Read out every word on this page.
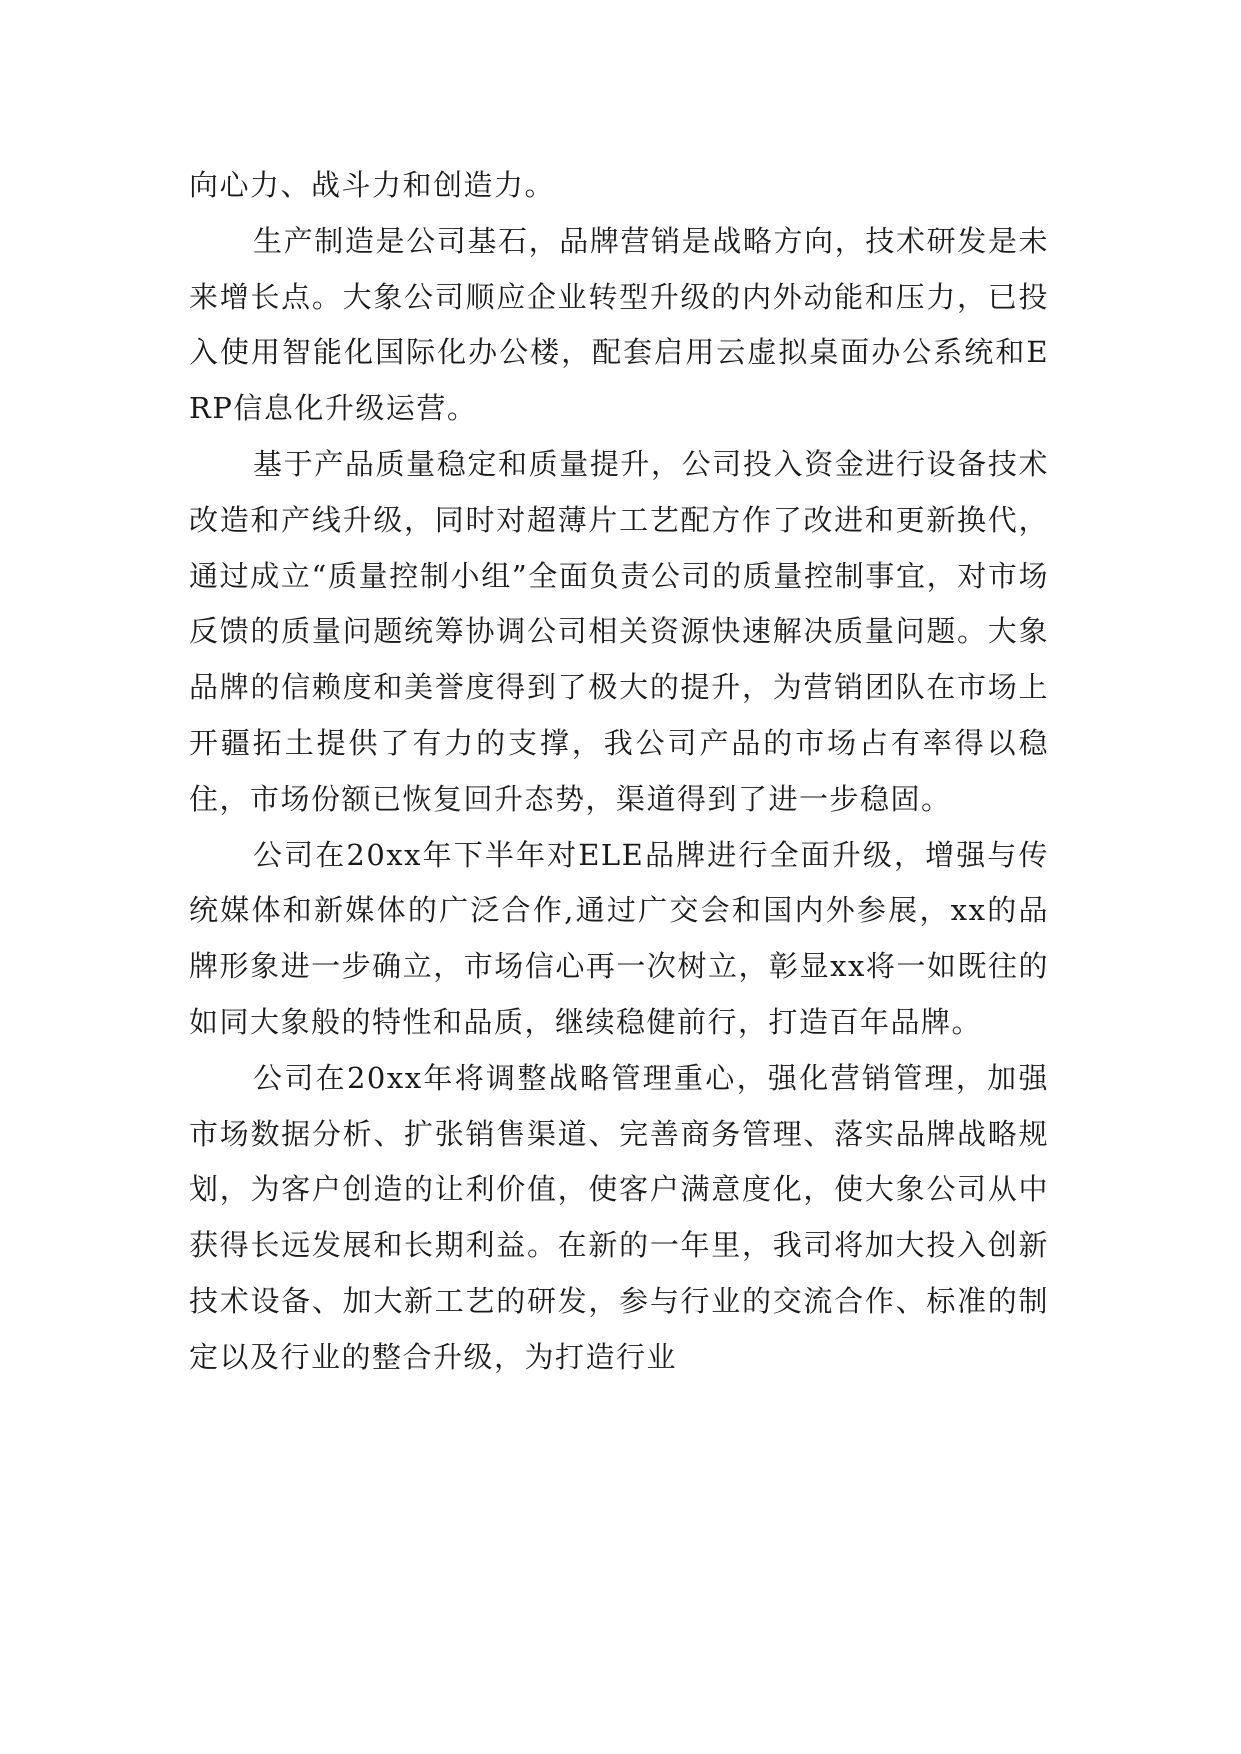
向心力、战斗力和创造力。

生产制造是公司基石，品牌营销是战略方向，技术研发是未来增长点。大象公司顺应企业转型升级的内外动能和压力，已投入使用智能化国际化办公楼，配套启用云虚拟桌面办公系统和ERP信息化升级运营。

基于产品质量稳定和质量提升，公司投入资金进行设备技术改造和产线升级，同时对超薄片工艺配方作了改进和更新换代，通过成立“质量控制小组”全面负责公司的质量控制事宜，对市场反馈的质量问题统筹协调公司相关资源快速解决质量问题。大象品牌的信赖度和美誉度得到了极大的提升，为营销团队在市场上开疆拓土提供了有力的支撑，我公司产品的市场占有率得以稳住，市场份额已恢复回升态势，渠道得到了进一步稳固。

公司在20xx年下半年对ELE品牌进行全面升级，增强与传统媒体和新媒体的广泛合作,通过广交会和国内外参展，xx的品牌形象进一步确立，市场信心再一次树立，彰显xx将一如既往的如同大象般的特性和品质，继续稳健前行，打造百年品牌。

公司在20xx年将调整战略管理重心，强化营销管理，加强市场数据分析、扩张销售渠道、完善商务管理、落实品牌战略规划，为客户创造的让利价值，使客户满意度化，使大象公司从中获得长远发展和长期利益。在新的一年里，我司将加大投入创新技术设备、加大新工艺的研发，参与行业的交流合作、标准的制定以及行业的整合升级，为打造行业
